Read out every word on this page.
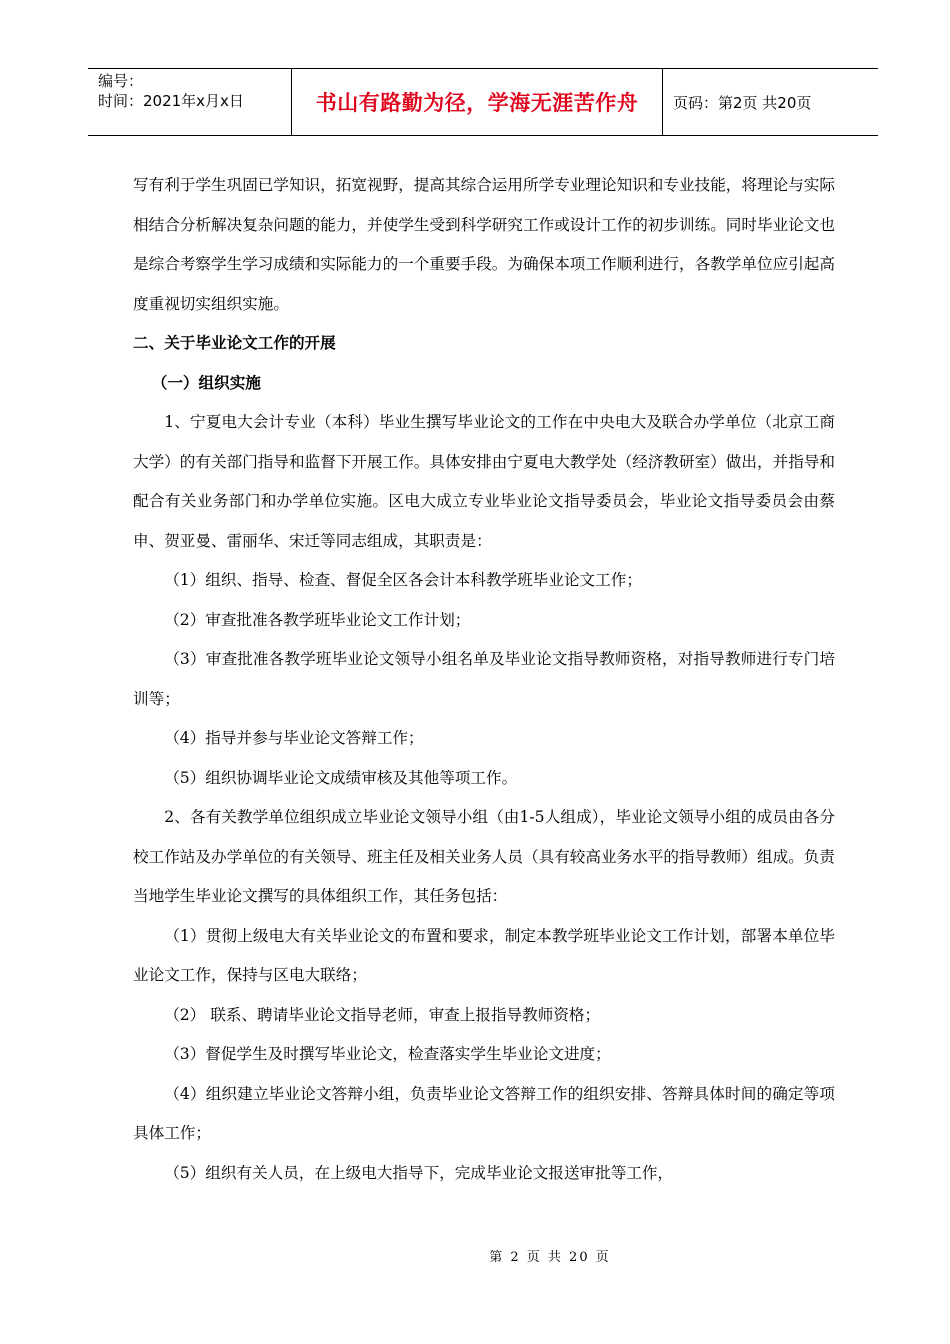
编号：
时间：2021年x月x日	书山有路勤为径，学海无涯苦作舟	页码：第2页 共20页

写有利于学生巩固已学知识，拓宽视野，提高其综合运用所学专业理论知识和专业技能，将理论与实际相结合分析解决复杂问题的能力，并使学生受到科学研究工作或设计工作的初步训练。同时毕业论文也是综合考察学生学习成绩和实际能力的一个重要手段。为确保本项工作顺利进行，各教学单位应引起高度重视切实组织实施。

二、关于毕业论文工作的开展

（一）组织实施

1、宁夏电大会计专业（本科）毕业生撰写毕业论文的工作在中央电大及联合办学单位（北京工商大学）的有关部门指导和监督下开展工作。具体安排由宁夏电大教学处（经济教研室）做出，并指导和配合有关业务部门和办学单位实施。区电大成立专业毕业论文指导委员会，毕业论文指导委员会由蔡申、贺亚曼、雷丽华、宋迁等同志组成，其职责是：

（1）组织、指导、检查、督促全区各会计本科教学班毕业论文工作；

（2）审查批准各教学班毕业论文工作计划；

（3）审查批准各教学班毕业论文领导小组名单及毕业论文指导教师资格，对指导教师进行专门培训等；

（4）指导并参与毕业论文答辩工作；

（5）组织协调毕业论文成绩审核及其他等项工作。

2、各有关教学单位组织成立毕业论文领导小组（由1-5人组成），毕业论文领导小组的成员由各分校工作站及办学单位的有关领导、班主任及相关业务人员（具有较高业务水平的指导教师）组成。负责当地学生毕业论文撰写的具体组织工作，其任务包括：

（1）贯彻上级电大有关毕业论文的布置和要求，制定本教学班毕业论文工作计划，部署本单位毕业论文工作，保持与区电大联络；

（2） 联系、聘请毕业论文指导老师，审查上报指导教师资格；

（3）督促学生及时撰写毕业论文，检查落实学生毕业论文进度；

（4）组织建立毕业论文答辩小组，负责毕业论文答辩工作的组织安排、答辩具体时间的确定等项具体工作；

（5）组织有关人员，在上级电大指导下，完成毕业论文报送审批等工作，

第 2 页 共 20 页
